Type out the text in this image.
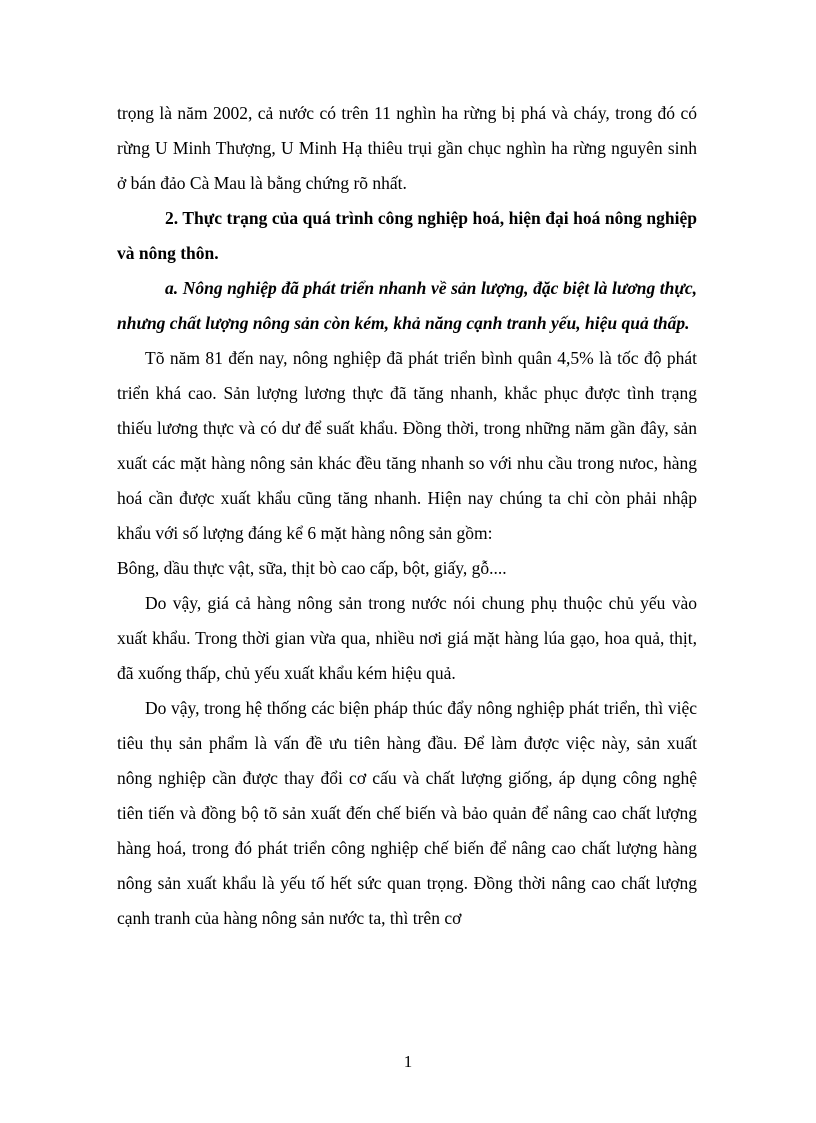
trọng là năm 2002, cả nước có trên 11 nghìn ha rừng bị phá và cháy, trong đó có rừng U Minh Thượng, U Minh Hạ thiêu trụi gần chục nghìn ha rừng nguyên sinh ở bán đảo Cà Mau là bằng chứng rõ nhất.

2. Thực trạng của quá trình công nghiệp hoá, hiện đại hoá nông nghiệp và nông thôn.

a. Nông nghiệp đã phát triển nhanh về sản lượng, đặc biệt là lương thực, nhưng chất lượng nông sản còn kém, khả năng cạnh tranh yếu, hiệu quả thấp.

Tõ năm 81 đến nay, nông nghiệp đã phát triển bình quân 4,5% là tốc độ phát triển khá cao. Sản lượng lương thực đã tăng nhanh, khắc phục được tình trạng thiếu lương thực và có dư để suất khẩu. Đồng thời, trong những năm gần đây, sản xuất các mặt hàng nông sản khác đều tăng nhanh so với nhu cầu trong nưoc, hàng hoá cần được xuất khẩu cũng tăng nhanh. Hiện nay chúng ta chỉ còn phải nhập khẩu với số lượng đáng kể 6 mặt hàng nông sản gồm:

Bông, dầu thực vật, sữa, thịt bò cao cấp, bột, giấy, gỗ....

Do vậy, giá cả hàng nông sản trong nước nói chung phụ thuộc chủ yếu vào xuất khẩu. Trong thời gian vừa qua, nhiều nơi giá mặt hàng lúa gạo, hoa quả, thịt, đã xuống thấp, chủ yếu xuất khẩu kém hiệu quả.

Do vậy, trong hệ thống các biện pháp thúc đẩy nông nghiệp phát triển, thì việc tiêu thụ sản phẩm là vấn đề ưu tiên hàng đầu. Để làm được việc này, sản xuất nông nghiệp cần được thay đổi cơ cấu và chất lượng giống, áp dụng công nghệ tiên tiến và đồng bộ tõ sản xuất đến chế biến và bảo quản để nâng cao chất lượng hàng hoá, trong đó phát triển công nghiệp chế biến để nâng cao chất lượng hàng nông sản xuất khẩu là yếu tố hết sức quan trọng. Đồng thời nâng cao chất lượng cạnh tranh của hàng nông sản nước ta, thì trên cơ

1
